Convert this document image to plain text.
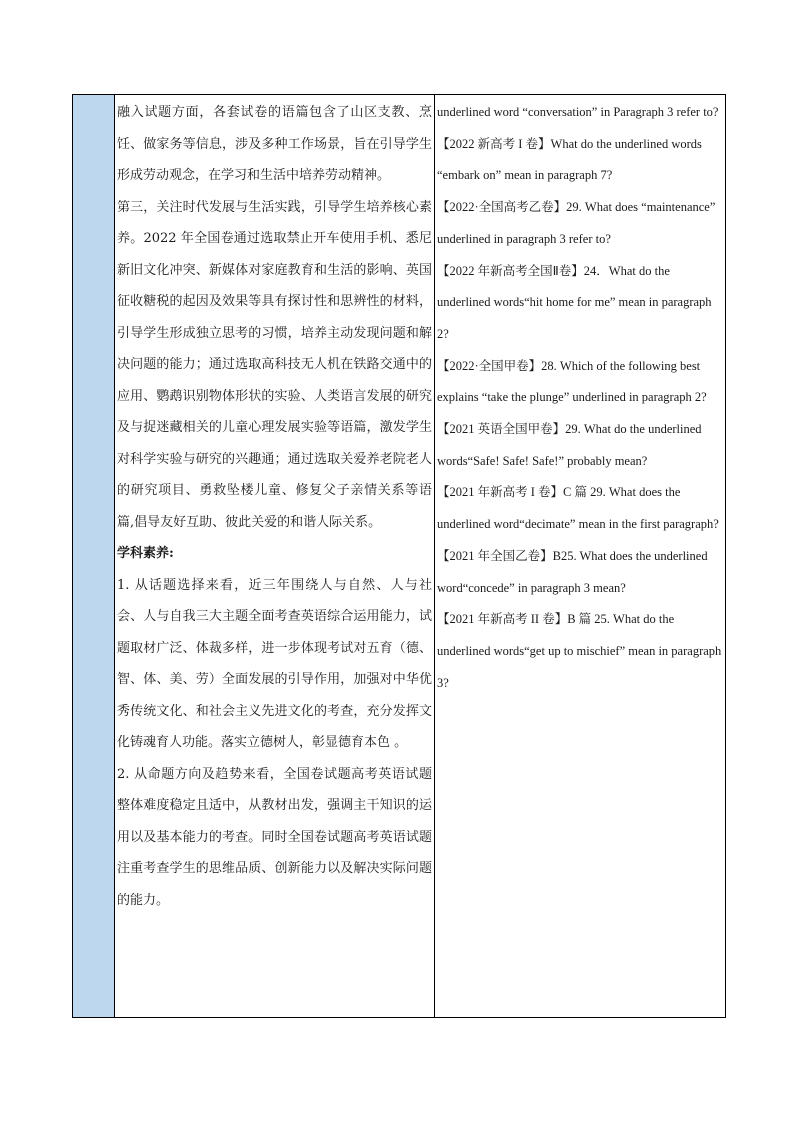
融入试题方面，各套试卷的语篇包含了山区支教、烹饪、做家务等信息，涉及多种工作场景，旨在引导学生形成劳动观念，在学习和生活中培养劳动精神。

第三，关注时代发展与生活实践，引导学生培养核心素养。2022 年全国卷通过选取禁止开车使用手机、悉尼新旧文化冲突、新媒体对家庭教育和生活的影响、英国征收糖税的起因及效果等具有探讨性和思辨性的材料，引导学生形成独立思考的习惯，培养主动发现问题和解决问题的能力；通过选取高科技无人机在铁路交通中的应用、鹦鹉识别物体形状的实验、人类语言发展的研究及与捉迷藏相关的儿童心理发展实验等语篇，激发学生对科学实验与研究的兴趣通；通过选取关爱养老院老人的研究项目、勇救坠楼儿童、修复父子亲情关系等语篇,倡导友好互助、彼此关爱的和谐人际关系。

学科素养:

1. 从话题选择来看，近三年围绕人与自然、人与社会、人与自我三大主题全面考查英语综合运用能力，试题取材广泛、体裁多样，进一步体现考试对五育（德、智、体、美、劳）全面发展的引导作用，加强对中华优秀传统文化、和社会主义先进文化的考查，充分发挥文化铸魂育人功能。落实立德树人，彰显德育本色 。

2. 从命题方向及趋势来看，全国卷试题高考英语试题整体难度稳定且适中，从教材出发，强调主干知识的运用以及基本能力的考查。同时全国卷试题高考英语试题注重考查学生的思维品质、创新能力以及解决实际问题的能力。

underlined word “conversation” in Paragraph 3 refer to?

【2022 新高考 I 卷】What do the underlined words “embark on” mean in paragraph 7?

【2022·全国高考乙卷】29. What does “maintenance” underlined in paragraph 3 refer to?

【2022 年新高考全国Ⅱ卷】24．What do the underlined words“hit home for me” mean in paragraph 2?

【2022·全国甲卷】28. Which of the following best explains “take the plunge” underlined in paragraph 2?

【2021 英语全国甲卷】29. What do the underlined words“Safe! Safe! Safe!” probably mean?

【2021 年新高考 I 卷】C 篇 29. What does the underlined word“decimate” mean in the first paragraph?

【2021 年全国乙卷】B25. What does the underlined word“concede” in paragraph 3 mean?

【2021 年新高考 II 卷】B 篇 25. What do the underlined words“get up to mischief” mean in paragraph 3?
